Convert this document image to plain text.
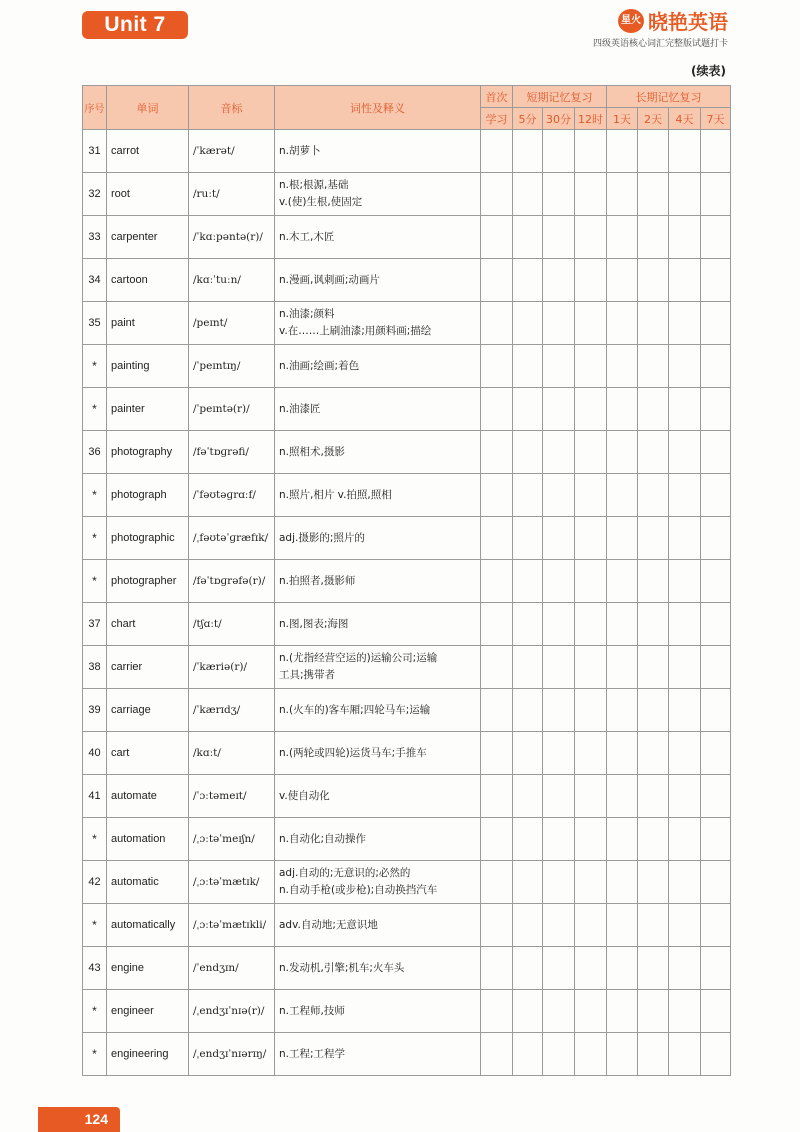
Unit 7	星火 晓艳英语
四级英语核心词汇完整版试题打卡
(续表)
序号	单词	音标	词性及释义	首次	短期记忆复习			长期记忆复习			
				学习	5分	30分	12时	1天	2天	4天	7天
31	carrot	/ˈkærət/	n.胡萝卜								

32	root	/ruːt/	n.根;根源,基础
v.(使)生根,使固定								

33	carpenter	/ˈkɑːpəntə(r)/	n.木工,木匠								

34	cartoon	/kɑːˈtuːn/	n.漫画,讽刺画;动画片								

35	paint	/peɪnt/	n.油漆;颜料
v.在……上刷油漆;用颜料画;描绘								

*	painting	/ˈpeɪntɪŋ/	n.油画;绘画;着色								

*	painter	/ˈpeɪntə(r)/	n.油漆匠								

36	photography	/fəˈtɒɡrəfi/	n.照相术,摄影								

*	photograph	/ˈfəʊtəɡrɑːf/	n.照片,相片 v.拍照,照相								

*	photographic	/ˌfəʊtəˈɡræfɪk/	adj.摄影的;照片的								

*	photographer	/fəˈtɒɡrəfə(r)/	n.拍照者,摄影师								

37	chart	/tʃɑːt/	n.图,图表;海图								

38	carrier	/ˈkæriə(r)/	n.(尤指经营空运的)运输公司;运输
工具;携带者								

39	carriage	/ˈkærɪdʒ/	n.(火车的)客车厢;四轮马车;运输								

40	cart	/kɑːt/	n.(两轮或四轮)运货马车;手推车								

41	automate	/ˈɔːtəmeɪt/	v.使自动化								

*	automation	/ˌɔːtəˈmeɪʃn/	n.自动化;自动操作								

42	automatic	/ˌɔːtəˈmætɪk/	adj.自动的;无意识的;必然的
n.自动手枪(或步枪);自动换挡汽车								

*	automatically	/ˌɔːtəˈmætɪkli/	adv.自动地;无意识地								

43	engine	/ˈendʒɪn/	n.发动机,引擎;机车;火车头								

*	engineer	/ˌendʒɪˈnɪə(r)/	n.工程师,技师								

*	engineering	/ˌendʒɪˈnɪərɪŋ/	n.工程;工程学								

124
